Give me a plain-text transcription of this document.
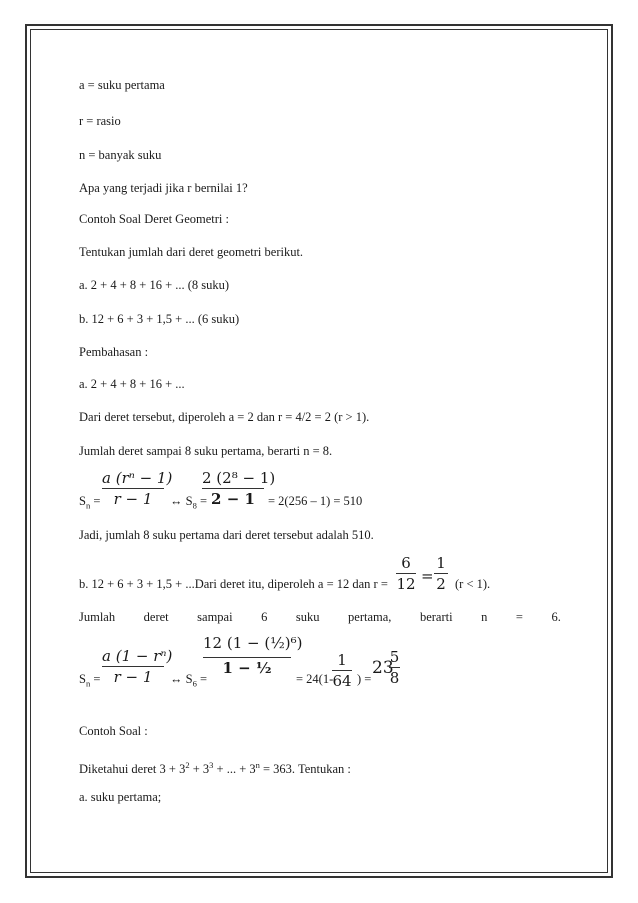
a = suku pertama
r = rasio
n = banyak suku
Apa yang terjadi jika r bernilai 1?
Contoh Soal Deret Geometri :
Tentukan jumlah dari deret geometri berikut.
a. 2 + 4 + 8 + 16 + ... (8 suku)
b. 12 + 6 + 3 + 1,5 + ... (6 suku)
Pembahasan :
a. 2 + 4 + 8 + 16 + ...
Dari deret tersebut, diperoleh a = 2 dan r = 4/2 = 2 (r > 1).
Jumlah deret sampai 8 suku pertama, berarti n = 8.
$S_n$ =
a (rⁿ − 1)
r − 1	↔ $S_8$ =
2 (2⁸ − 1)
2 − 1	= 2(256 – 1) = 510
Jadi, jumlah 8 suku pertama dari deret tersebut adalah 510.
b. 12 + 6 + 3 + 1,5 + ...Dari deret itu, diperoleh a = 12 dan r =
6
12 =
1
2 (r < 1).
Jumlah deret sampai 6 suku pertama, berarti n = 6.
$S_n$ =
a (1 − rⁿ)
r − 1	↔ $S_6$ =
12 (1 − (½)⁶)
1 − ½
= 24(1-
1
64 ) =
23
5
8
Contoh Soal :
Diketahui deret $3 + 3^2 + 3^3$ + ... + $3^n = 363$. Tentukan :
a. suku pertama;
